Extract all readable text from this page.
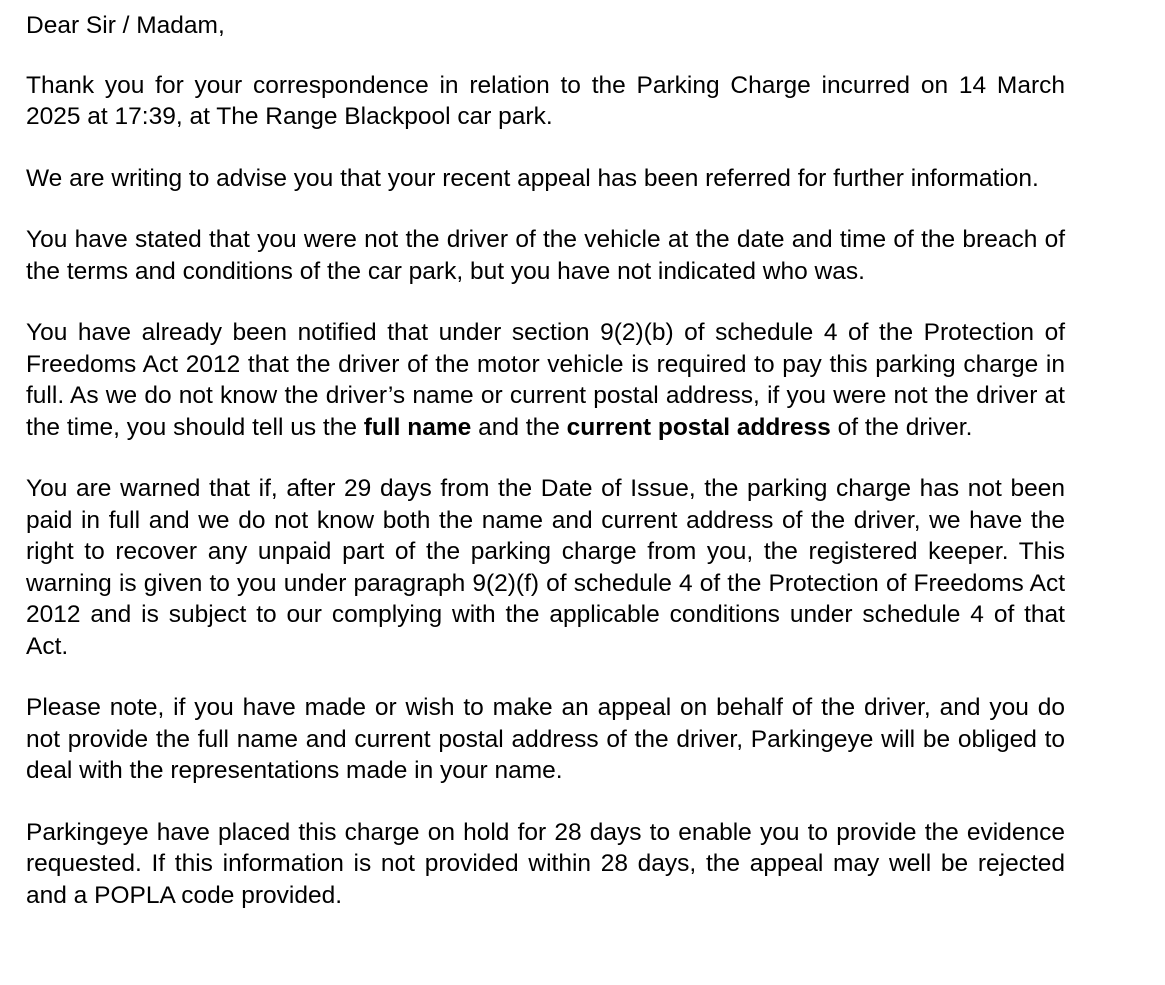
Dear Sir / Madam,

Thank you for your correspondence in relation to the Parking Charge incurred on 14 March 2025 at 17:39, at The Range Blackpool car park.

We are writing to advise you that your recent appeal has been referred for further information.

You have stated that you were not the driver of the vehicle at the date and time of the breach of the terms and conditions of the car park, but you have not indicated who was.

You have already been notified that under section 9(2)(b) of schedule 4 of the Protection of Freedoms Act 2012 that the driver of the motor vehicle is required to pay this parking charge in full. As we do not know the driver’s name or current postal address, if you were not the driver at the time, you should tell us the full name and the current postal address of the driver.

You are warned that if, after 29 days from the Date of Issue, the parking charge has not been paid in full and we do not know both the name and current address of the driver, we have the right to recover any unpaid part of the parking charge from you, the registered keeper. This warning is given to you under paragraph 9(2)(f) of schedule 4 of the Protection of Freedoms Act 2012 and is subject to our complying with the applicable conditions under schedule 4 of that Act.

Please note, if you have made or wish to make an appeal on behalf of the driver, and you do not provide the full name and current postal address of the driver, Parkingeye will be obliged to deal with the representations made in your name.

Parkingeye have placed this charge on hold for 28 days to enable you to provide the evidence requested. If this information is not provided within 28 days, the appeal may well be rejected and a POPLA code provided.
